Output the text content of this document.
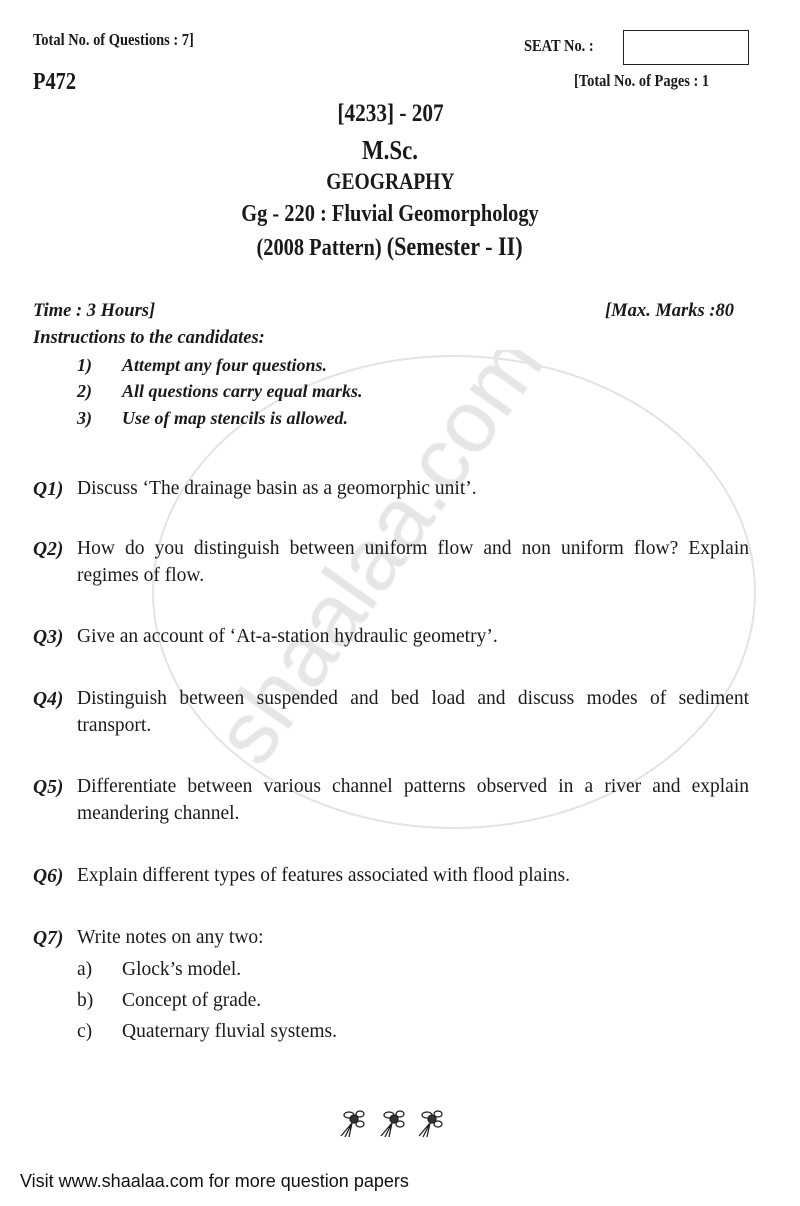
Total No. of Questions : 7]	SEAT No. :
P472	[Total No. of Pages : 1
[4233] - 207
M.Sc.
GEOGRAPHY
Gg - 220 : Fluvial Geomorphology
(2008 Pattern) (Semester - II)
Time : 3 Hours]	[Max. Marks :80
Instructions to the candidates:
1) Attempt any four questions.
2) All questions carry equal marks.
3) Use of map stencils is allowed.
Q1) Discuss ‘The drainage basin as a geomorphic unit’.
Q2) How do you distinguish between uniform flow and non uniform flow? Explain regimes of flow.
Q3) Give an account of ‘At-a-station hydraulic geometry’.
Q4) Distinguish between suspended and bed load and discuss modes of sediment transport.
Q5) Differentiate between various channel patterns observed in a river and explain meandering channel.
Q6) Explain different types of features associated with flood plains.
Q7) Write notes on any two:
a) Glock’s model.
b) Concept of grade.
c) Quaternary fluvial systems.
Visit www.shaalaa.com for more question papers
